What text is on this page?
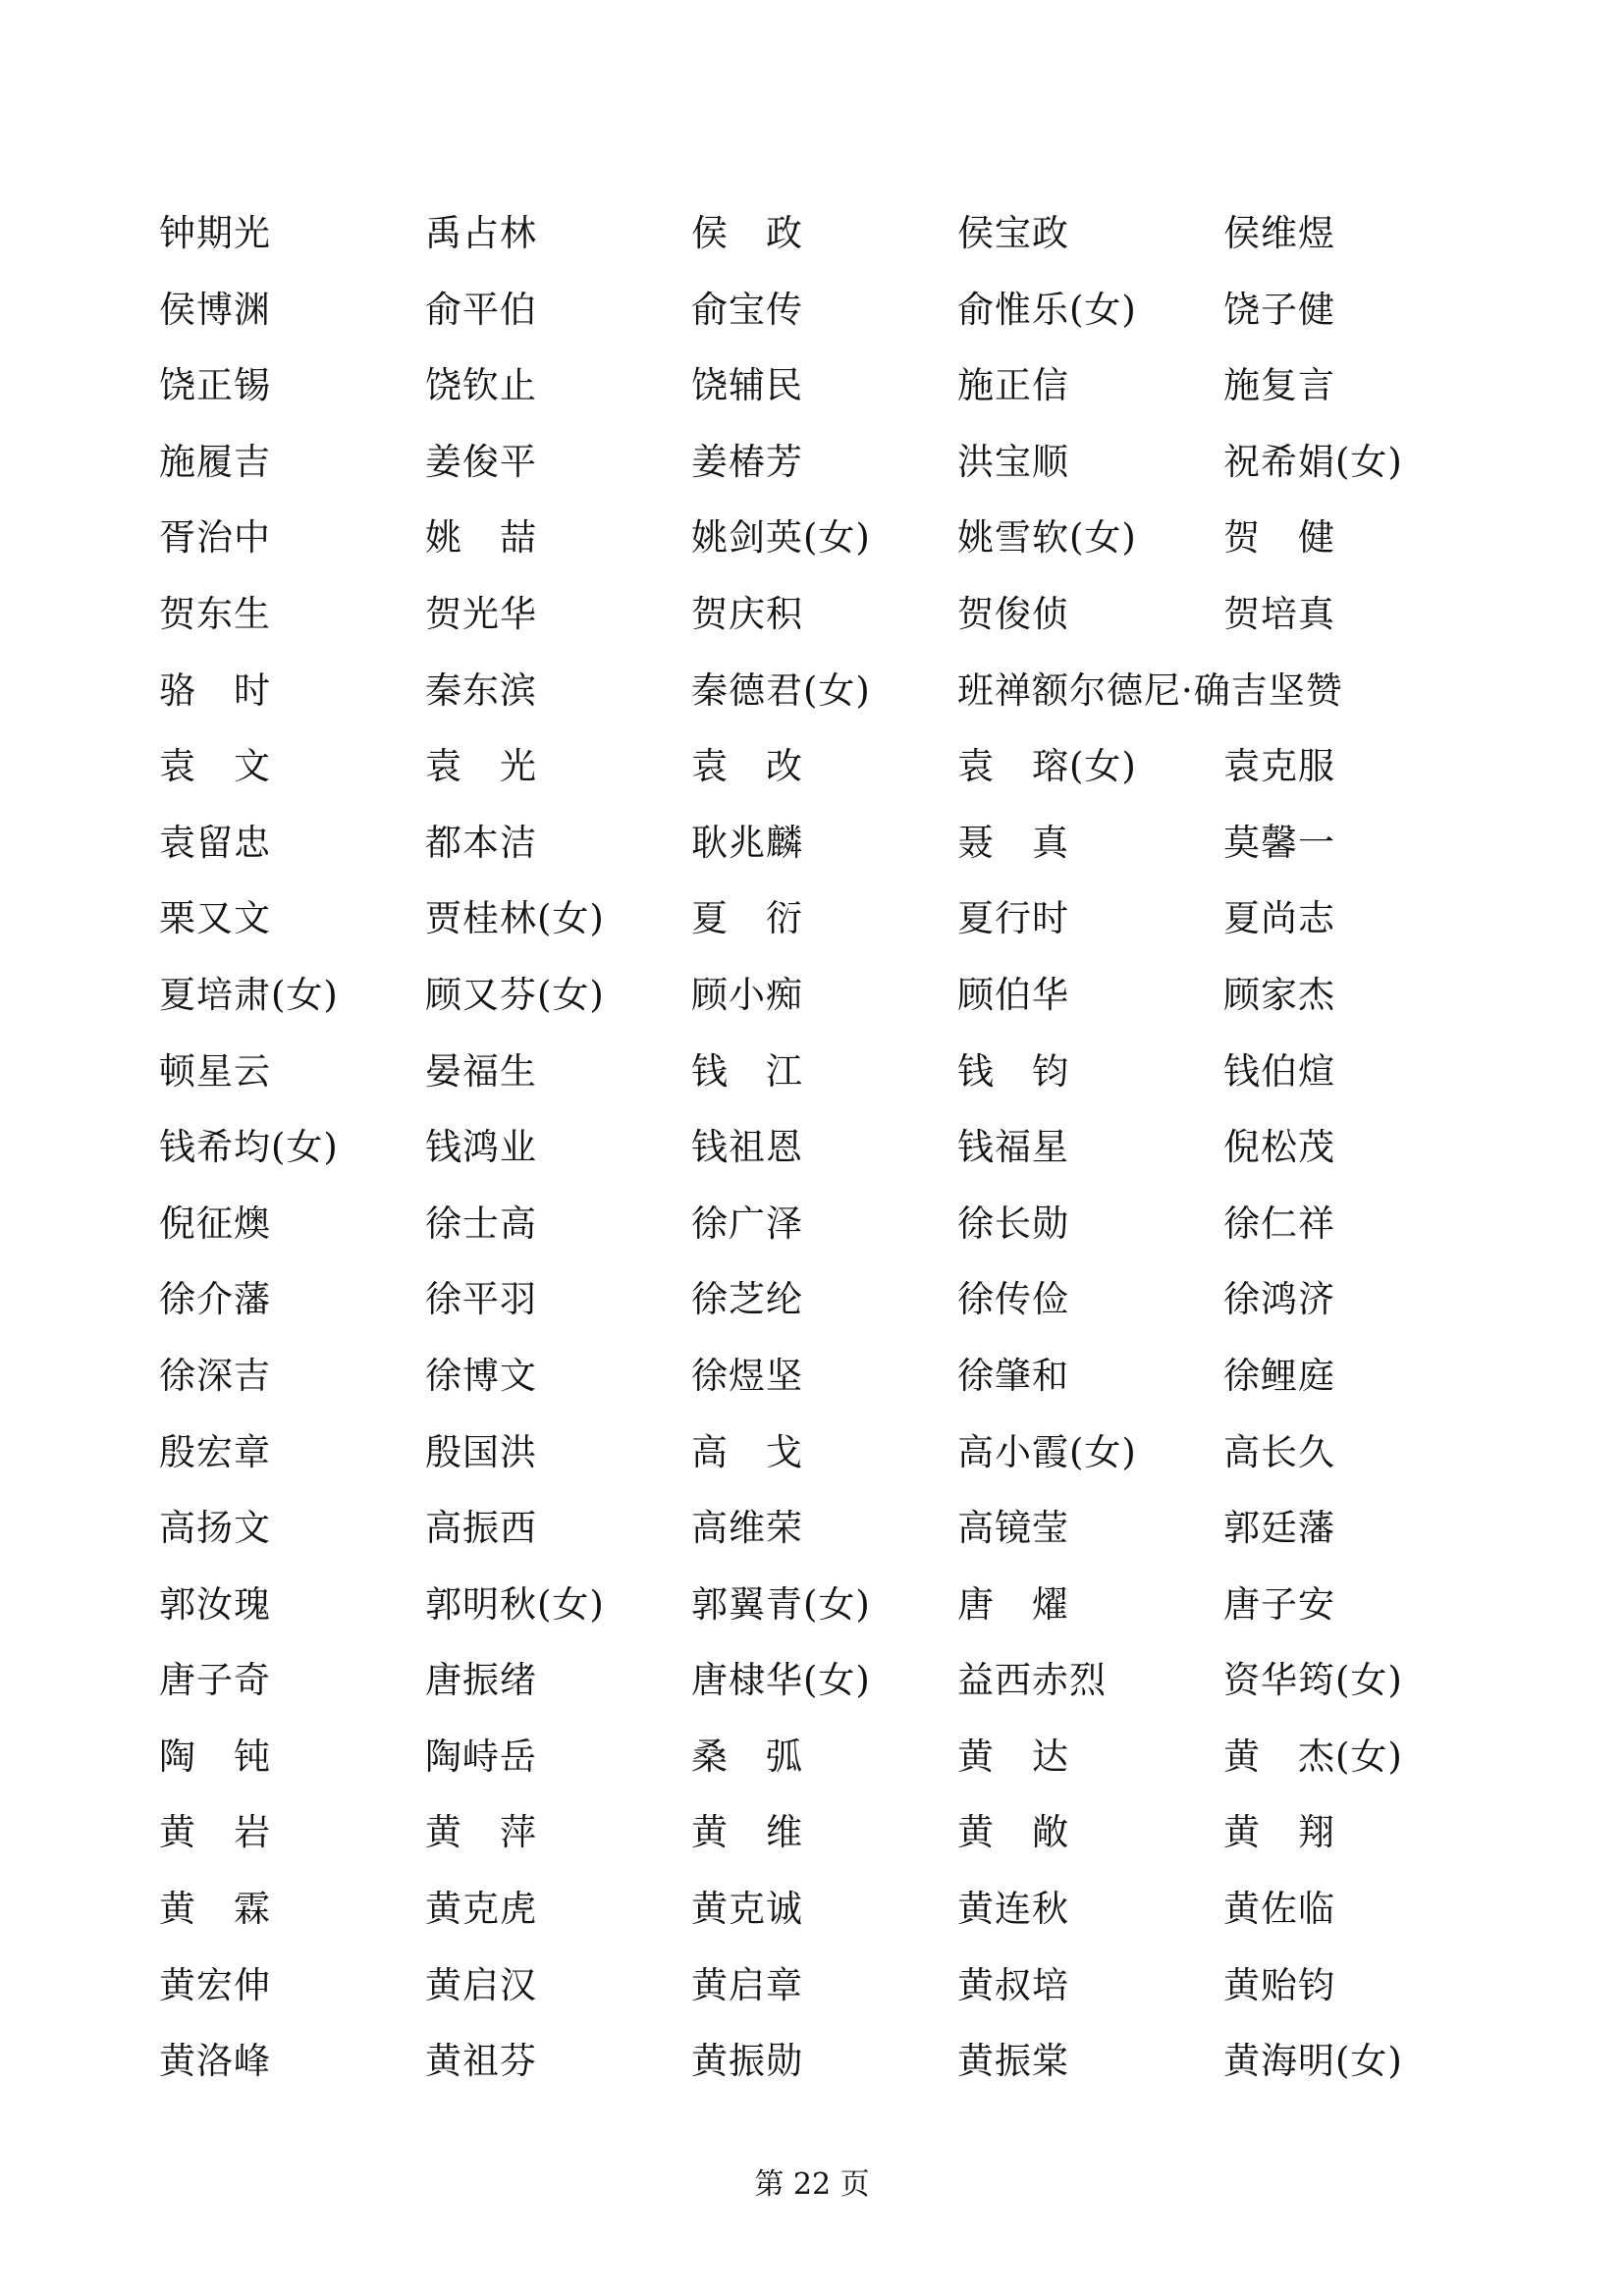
钟期光	禹占林	侯　政	侯宝政	侯维煜
侯博渊	俞平伯	俞宝传	俞惟乐(女)	饶子健
饶正锡	饶钦止	饶辅民	施正信	施复言
施履吉	姜俊平	姜椿芳	洪宝顺	祝希娟(女)
胥治中	姚　喆	姚剑英(女)	姚雪软(女)	贺　健
贺东生	贺光华	贺庆积	贺俊侦	贺培真
骆　时	秦东滨	秦德君(女)	班禅额尔德尼·确吉坚赞
袁　文	袁　光	袁　改	袁　瑢(女)	袁克服
袁留忠	都本洁	耿兆麟	聂　真	莫馨一
栗又文	贾桂林(女)	夏　衍	夏行时	夏尚志
夏培肃(女)	顾又芬(女)	顾小痴	顾伯华	顾家杰
顿星云	晏福生	钱　江	钱　钧	钱伯煊
钱希均(女)	钱鸿业	钱祖恩	钱福星	倪松茂
倪征燠	徐士高	徐广泽	徐长勋	徐仁祥
徐介藩	徐平羽	徐芝纶	徐传俭	徐鸿济
徐深吉	徐博文	徐煜坚	徐肇和	徐鲤庭
殷宏章	殷国洪	高　戈	高小霞(女)	高长久
高扬文	高振西	高维荣	高镜莹	郭廷藩
郭汝瑰	郭明秋(女)	郭翼青(女)	唐　燿	唐子安
唐子奇	唐振绪	唐棣华(女)	益西赤烈	资华筠(女)
陶　钝	陶峙岳	桑　弧	黄　达	黄　杰(女)
黄　岩	黄　萍	黄　维	黄　敞	黄　翔
黄　霖	黄克虎	黄克诚	黄连秋	黄佐临
黄宏伸	黄启汉	黄启章	黄叔培	黄贻钧
黄洛峰	黄祖芬	黄振勋	黄振棠	黄海明(女)
第 22 页
